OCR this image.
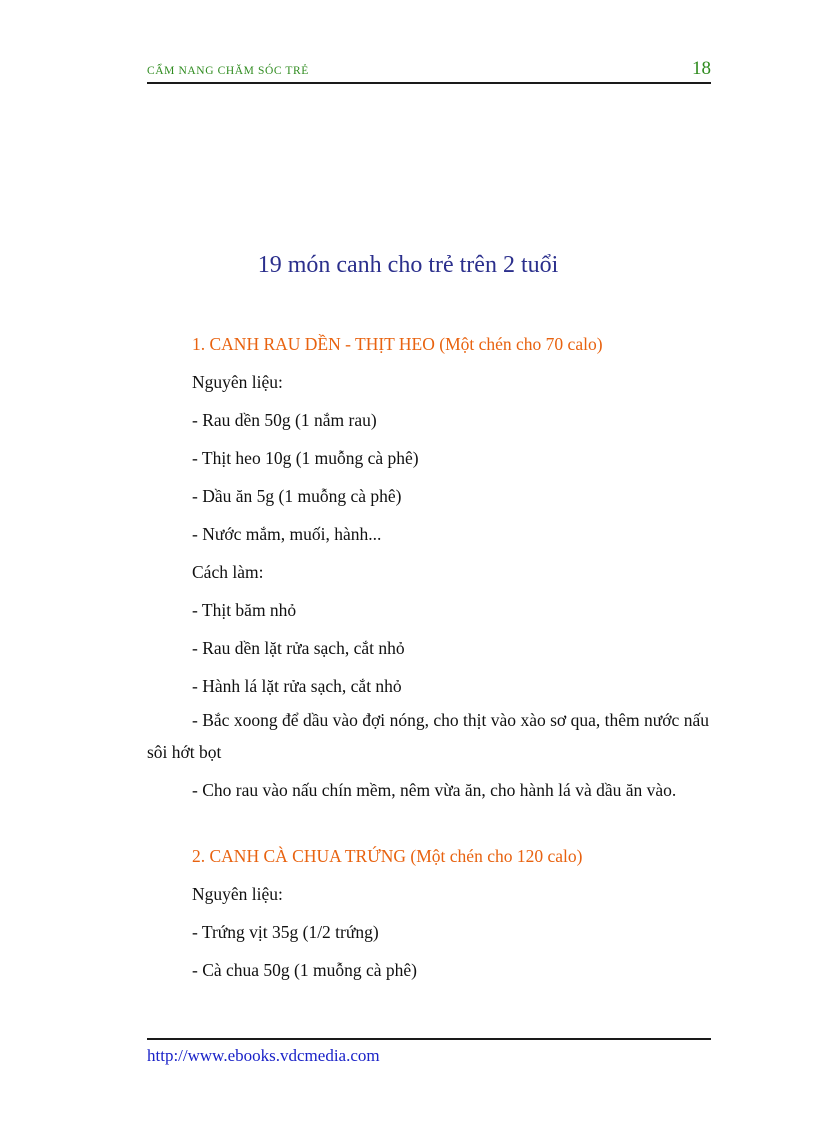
CẨM NANG CHĂM SÓC TRẺ	18
19 món canh cho trẻ trên 2 tuổi

1. CANH RAU DỀN - THỊT HEO (Một chén cho 70 calo)

Nguyên liệu:

- Rau dền 50g (1 nắm rau)

- Thịt heo 10g (1 muỗng cà phê)

- Dầu ăn 5g (1 muỗng cà phê)

- Nước mắm, muối, hành...

Cách làm:

- Thịt băm nhỏ

- Rau dền lặt rửa sạch, cắt nhỏ

- Hành lá lặt rửa sạch, cắt nhỏ

- Bắc xoong để dầu vào đợi nóng, cho thịt vào xào sơ qua, thêm nước nấu sôi hớt bọt

- Cho rau vào nấu chín mềm, nêm vừa ăn, cho hành lá và dầu ăn vào.

2. CANH CÀ CHUA TRỨNG (Một chén cho 120 calo)

Nguyên liệu:

- Trứng vịt 35g (1/2 trứng)

- Cà chua 50g (1 muỗng cà phê)

http://www.ebooks.vdcmedia.com
